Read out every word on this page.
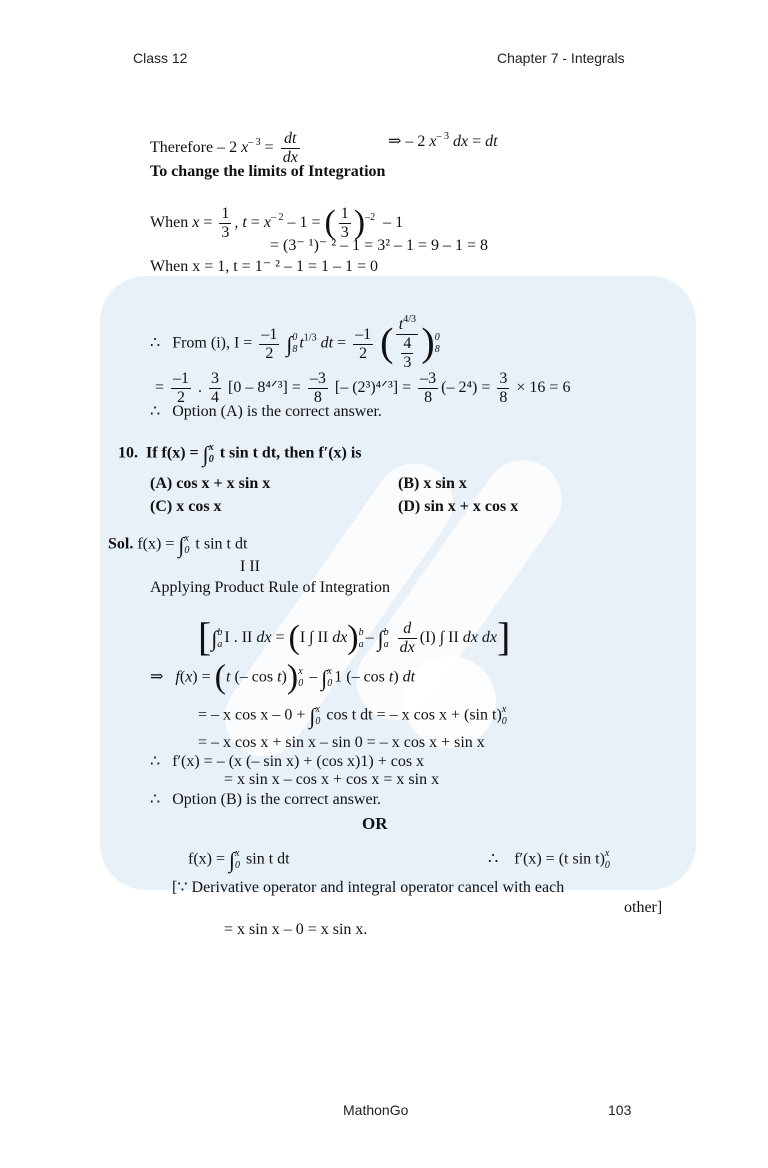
Class 12	Chapter 7 - Integrals
Therefore – 2 $x^{- 3} = \frac{dt}{dx}$	⇒ – 2 $x^{- 3}$ dx = dt
To change the limits of Integration
When $x = \frac{1}{3}$ , $t = x^{- 2} - 1$ = ( $\frac{1}{3} )^{-2} - 1$
= (3⁻ ¹)⁻ ² – 1 = 3² – 1 = 9 – 1 = 8
When x = 1, t = 1⁻ ² – 1 = 1 – 1 = 0
∴   From (i), $I = \frac{-1}{2}$ ∫ 0
8 $t^{1/3}$ dt = $\frac{-1}{2}$ ( $\frac{t^{4/3}}{\frac{4}{3}}$ ) 0
8
= $\frac{-1}{2}$ . $\frac{3}{4} [0$ – 8⁴ᐟ³] = $\frac{-3}{8}$ [– (2³)⁴ᐟ³] = $\frac{-3}{8}$ (– $2^4) = \frac{3}{8} \times 16 = 6$
∴   Option (A) is the correct answer.
10. If f(x) = ∫ x
0 t sin t dt, then f′(x) is
(A) cos x + x sin x	(B) x sin x
(C) x cos x	(D) sin x + x cos x
Sol. f(x) = ∫ x
0 t sin t dt
I II
Applying Product Rule of Integration
[∫ b
a I . II dx = (I ∫ II dx) b
a – ∫ b
a
$\frac{d}{dx} (I)$ ∫ II dx dx]
⇒   f(x) = (t (– cos t)) x
0 – ∫ x
0 1 (– cos t) dt
= – x cos x – 0 + ∫ x
0 cos t dt = – x cos x + (sin t) x
0
= – x cos x + sin x – sin 0 = – x cos x + sin x
∴   f′(x) = – (x (– sin x) + (cos x)1) + cos x
= x sin x – cos x + cos x = x sin x
∴   Option (B) is the correct answer.
OR
f(x) = ∫ x
0 sin t dt	∴    f′(x) = (t sin t) x
0
[∵ Derivative operator and integral operator cancel with each
other]
= x sin x – 0 = x sin x.
MathonGo	103
